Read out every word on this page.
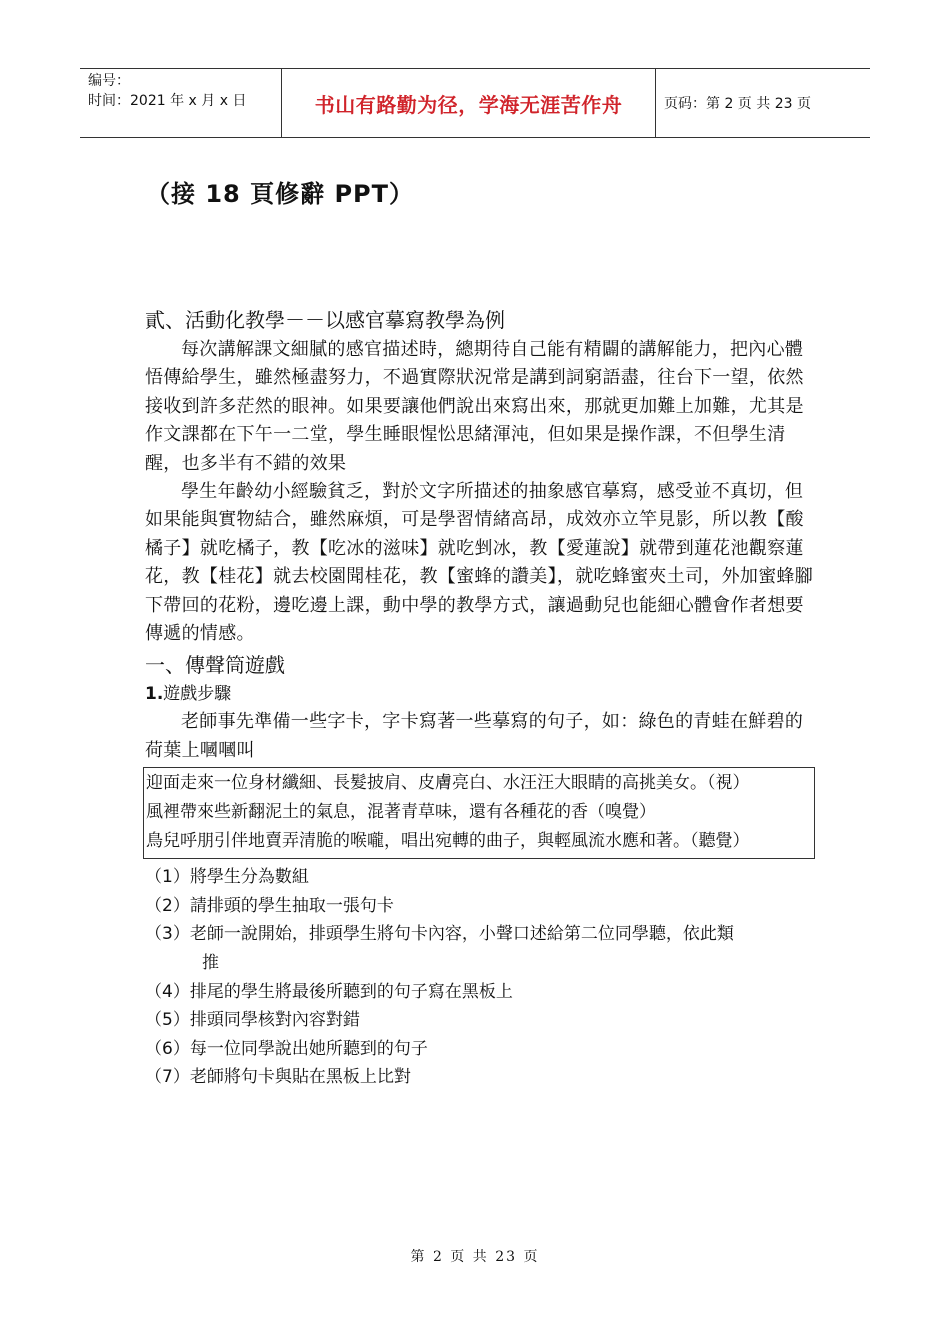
编号：
时间：2021 年 x 月 x 日	书山有路勤为径，学海无涯苦作舟	页码：第 2 页 共 23 页
（接 18 頁修辭 PPT）
貳、活動化教學－－以感官摹寫教學為例

每次講解課文細膩的感官描述時，總期待自己能有精闢的講解能力，把內心體悟傳給學生，雖然極盡努力，不過實際狀況常是講到詞窮語盡，往台下一望，依然接收到許多茫然的眼神。如果要讓他們說出來寫出來，那就更加難上加難，尤其是作文課都在下午一二堂，學生睡眼惺忪思緒渾沌，但如果是操作課，不但學生清醒，也多半有不錯的效果

學生年齡幼小經驗貧乏，對於文字所描述的抽象感官摹寫，感受並不真切，但如果能與實物結合，雖然麻煩，可是學習情緒高昂，成效亦立竿見影，所以教【酸橘子】就吃橘子，教【吃冰的滋味】就吃剉冰，教【愛蓮說】就帶到蓮花池觀察蓮花，教【桂花】就去校園聞桂花，教【蜜蜂的讚美】，就吃蜂蜜夾土司，外加蜜蜂腳下帶回的花粉，邊吃邊上課，動中學的教學方式，讓過動兒也能細心體會作者想要傳遞的情感。

一、傳聲筒遊戲
1.遊戲步驟

老師事先準備一些字卡，字卡寫著一些摹寫的句子，如：綠色的青蛙在鮮碧的荷葉上嘓嘓叫

迎面走來一位身材纖細、長髮披肩、皮膚亮白、水汪汪大眼睛的高挑美女。（視）
風裡帶來些新翻泥土的氣息，混著青草味，還有各種花的香（嗅覺）
鳥兒呼朋引伴地賣弄清脆的喉嚨，唱出宛轉的曲子，與輕風流水應和著。（聽覺）
（1）將學生分為數組
（2）請排頭的學生抽取一張句卡
（3）老師一說開始，排頭學生將句卡內容，小聲口述給第二位同學聽，依此類
推
（4）排尾的學生將最後所聽到的句子寫在黑板上
（5）排頭同學核對內容對錯
（6）每一位同學說出她所聽到的句子
（7）老師將句卡與貼在黑板上比對
第 2 页 共 23 页
